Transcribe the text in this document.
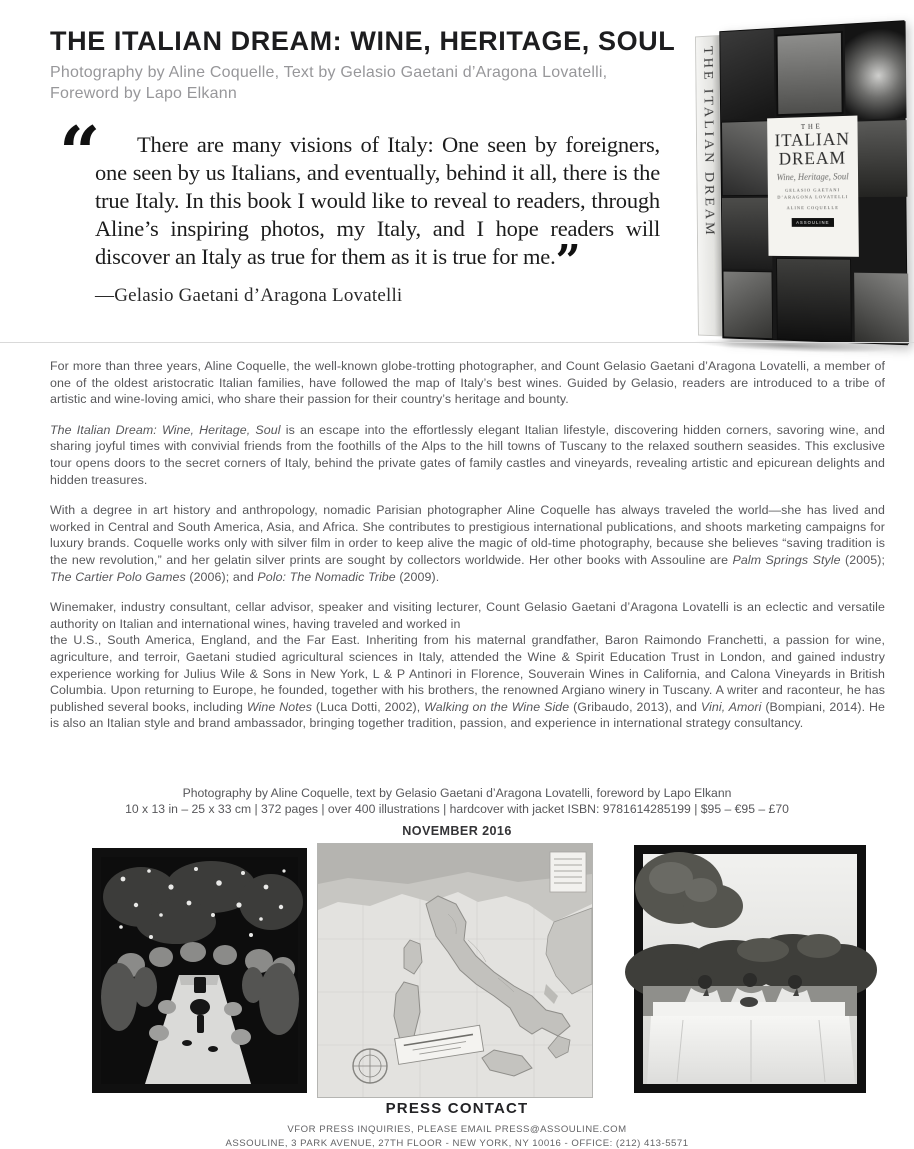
THE ITALIAN DREAM: WINE, HERITAGE, SOUL

Photography by Aline Coquelle, Text by Gelasio Gaetani d’Aragona Lovatelli,
Foreword by Lapo Elkann	THE ITALIAN DREAM	THE
ITALIAN
DREAM
Wine, Heritage, Soul
GELASIO GAETANI
D’ARAGONA LOVATELLI
ALINE COQUELLE
ASSOULINE
“	There are many visions of Italy: One seen by foreigners, one seen by us Italians, and eventually, behind it all, there is the true Italy. In this book I would like to reveal to readers, through Aline’s inspiring photos, my Italy, and I hope readers will discover an Italy as true for them as it is true for me.”

—Gelasio Gaetani d’Aragona Lovatelli

For more than three years, Aline Coquelle, the well-known globe-trotting photographer, and Count Gelasio Gaetani d’Aragona Lovatelli, a member of one of the oldest aristocratic Italian families, have followed the map of Italy’s best wines. Guided by Gelasio, readers are introduced to a tribe of artistic and wine-loving amici, who share their passion for their country’s heritage and bounty.

The Italian Dream: Wine, Heritage, Soul is an escape into the effortlessly elegant Italian lifestyle, discovering hidden corners, savoring wine, and sharing joyful times with convivial friends from the foothills of the Alps to the hill towns of Tuscany to the relaxed southern seasides. This exclusive tour opens doors to the secret corners of Italy, behind the private gates of family castles and vineyards, revealing artistic and epicurean delights and hidden treasures.

With a degree in art history and anthropology, nomadic Parisian photographer Aline Coquelle has always traveled the world—she has lived and worked in Central and South America, Asia, and Africa. She contributes to prestigious international publications, and shoots marketing campaigns for luxury brands. Coquelle works only with silver film in order to keep alive the magic of old-time photography, because she believes “saving tradition is the new revolution,” and her gelatin silver prints are sought by collectors worldwide. Her other books with Assouline are Palm Springs Style (2005); The Cartier Polo Games (2006); and Polo: The Nomadic Tribe (2009).

Winemaker, industry consultant, cellar advisor, speaker and visiting lecturer, Count Gelasio Gaetani d’Aragona Lovatelli is an eclectic and versatile authority on Italian and international wines, having traveled and worked in
the U.S., South America, England, and the Far East. Inheriting from his maternal grandfather, Baron Raimondo Franchetti, a passion for wine, agriculture, and terroir, Gaetani studied agricultural sciences in Italy, attended the Wine & Spirit Education Trust in London, and gained industry experience working for Julius Wile & Sons in New York, L & P Antinori in Florence, Souverain Wines in California, and Calona Vineyards in British Columbia. Upon returning to Europe, he founded, together with his brothers, the renowned Argiano winery in Tuscany. A writer and raconteur, he has published several books, including Wine Notes (Luca Dotti, 2002), Walking on the Wine Side (Gribaudo, 2013), and Vini, Amori (Bompiani, 2014). He is also an Italian style and brand ambassador, bringing together tradition, passion, and experience in international strategy consultancy.

Photography by Aline Coquelle, text by Gelasio Gaetani d’Aragona Lovatelli, foreword by Lapo Elkann
10 x 13 in – 25 x 33 cm | 372 pages | over 400 illustrations | hardcover with jacket ISBN: 9781614285199 | $95 – €95 – £70
NOVEMBER 2016
PRESS CONTACT
VFOR PRESS INQUIRIES, PLEASE EMAIL PRESS@ASSOULINE.COM
ASSOULINE, 3 PARK AVENUE, 27TH FLOOR - NEW YORK, NY 10016 - OFFICE: (212) 413-5571
